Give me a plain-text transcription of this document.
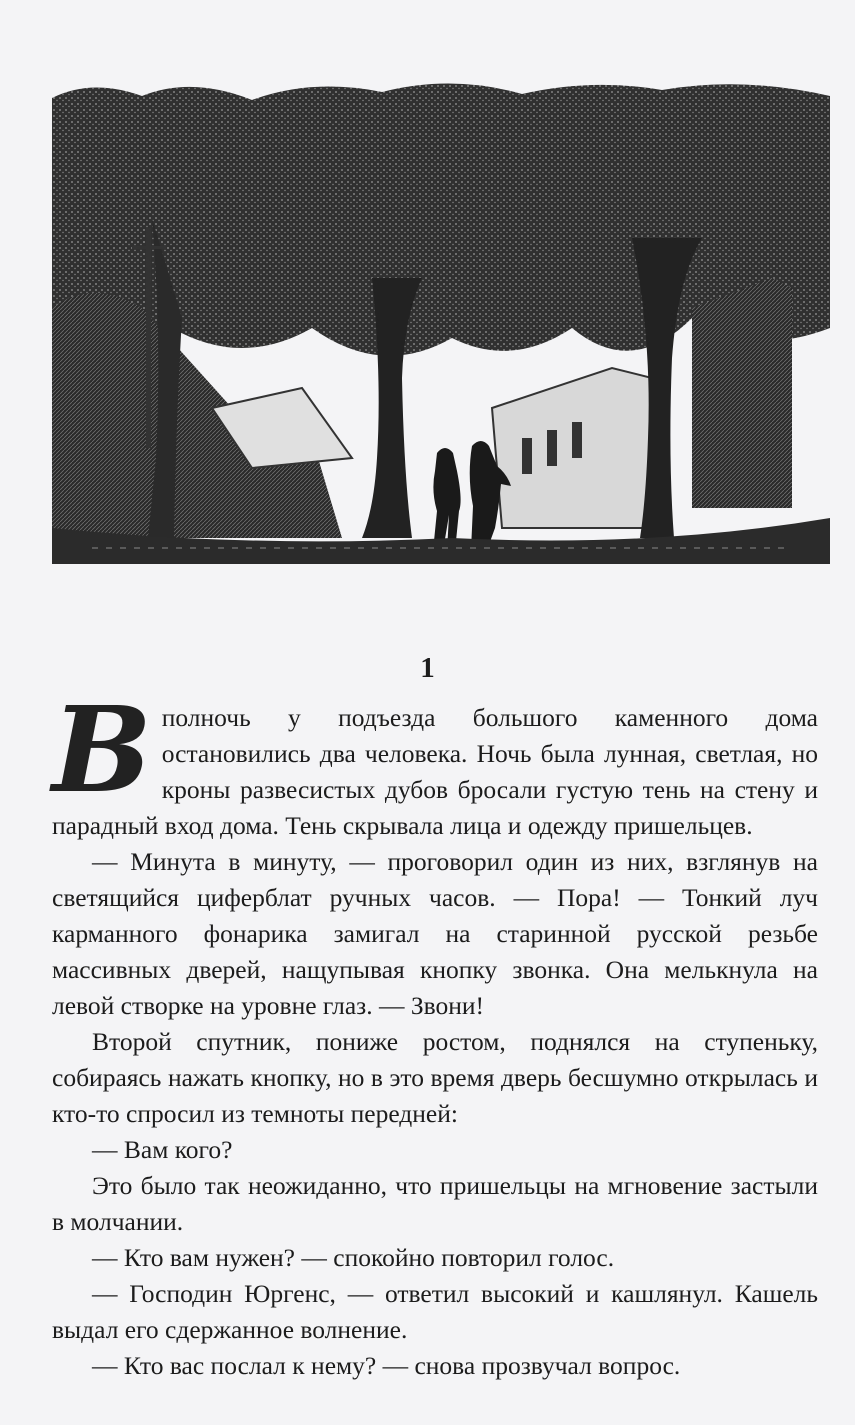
1

Вполночь у подъезда большого каменного дома остановились два человека. Ночь была лунная, светлая, но кроны развесистых дубов бросали густую тень на стену и парадный вход дома. Тень скрывала лица и одежду пришельцев.

— Минута в минуту, — проговорил один из них, взглянув на светящийся циферблат ручных часов. — Пора! — Тонкий луч карманного фонарика замигал на старинной русской резьбе массивных дверей, нащупывая кнопку звонка. Она мелькнула на левой створке на уровне глаз. — Звони!

Второй спутник, пониже ростом, поднялся на ступеньку, собираясь нажать кнопку, но в это время дверь бесшумно открылась и кто-то спросил из темноты передней:

— Вам кого?

Это было так неожиданно, что пришельцы на мгновение застыли в молчании.

— Кто вам нужен? — спокойно повторил голос.

— Господин Юргенс, — ответил высокий и кашлянул. Кашель выдал его сдержанное волнение.

— Кто вас послал к нему? — снова прозвучал вопрос.
